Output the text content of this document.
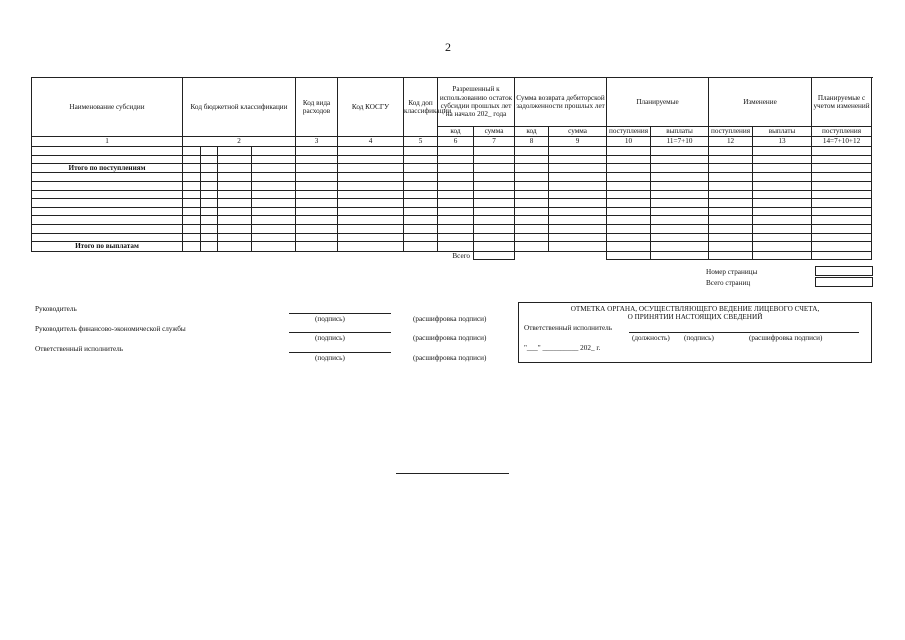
2
Наименование субсидии	Код бюджетной классификации				Код вида расходов	Код КОСГУ	Код доп классификации	Разрешенный к использованию остаток субсидии прошлых лет на начало 202_ года		Сумма возврата дебиторской задолженности прошлых лет		Планируемые		Изменение		Планируемые с учетом изменений	
								код	сумма	код	сумма	поступления	выплаты	поступления	выплаты	поступления	
1	2				3	4	5	6	7	8	9	10	11=7+10	12	13	14=7+10+12	

Итого по поступлениям																	

Итого по выплатам																	
								Всего									
Номер страницы
Всего страниц
Руководитель
(подпись)	(расшифровка подписи)
Руководитель финансово-экономической службы
(подпись)	(расшифровка подписи)
Ответственный исполнитель
(подпись)	(расшифровка подписи)
ОТМЕТКА ОРГАНА, ОСУЩЕСТВЛЯЮЩЕГО ВЕДЕНИЕ ЛИЦЕВОГО СЧЕТА,
О ПРИНЯТИИ НАСТОЯЩИХ СВЕДЕНИЙ
Ответственный исполнитель
(должность) (подпись)	(расшифровка подписи)
"___" __________ 202_ г.
